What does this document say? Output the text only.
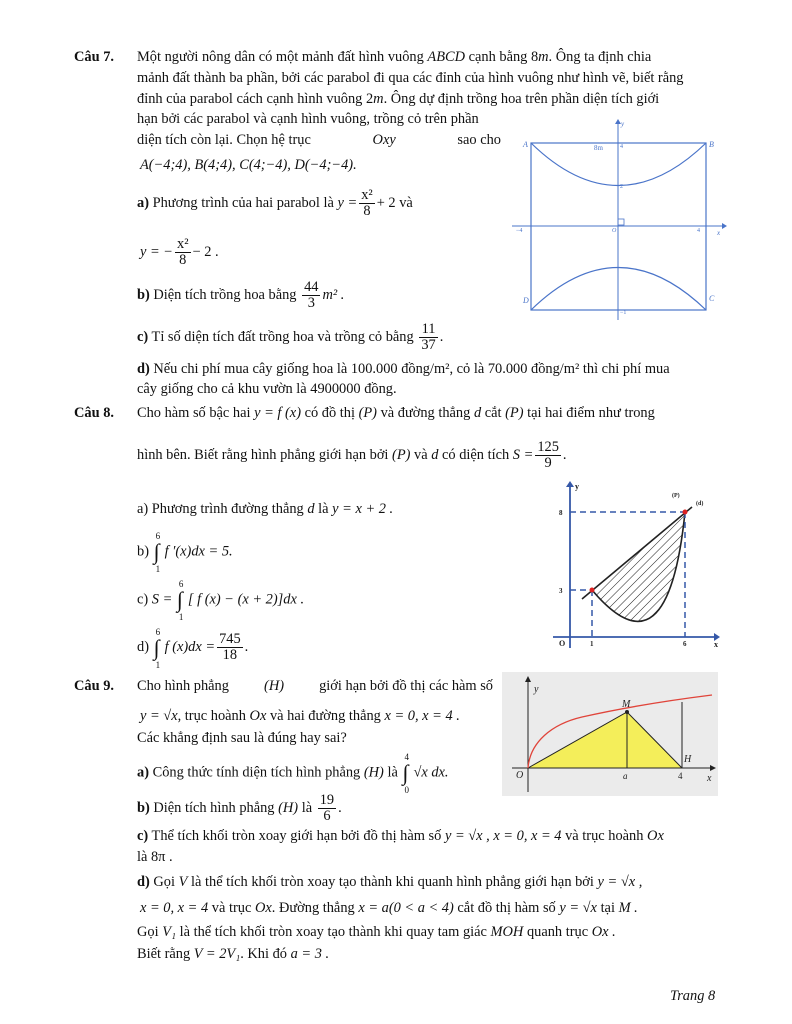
Câu 7. Một người nông dân có một mảnh đất hình vuông ABCD cạnh bằng 8m. Ông ta định chia
mảnh đất thành ba phần, bởi các parabol đi qua các đỉnh của hình vuông như hình vẽ, biết rằng
đỉnh của parabol cách cạnh hình vuông 2m. Ông dự định trồng hoa trên phần diện tích giới
hạn bởi các parabol và cạnh hình vuông, trồng cỏ trên phần
diện tích còn lại. Chọn hệ trục	Oxy	sao cho
A(−4;4), B(4;4), C(4;−4), D(−4;−4).
a) Phương trình của hai parabol là $y = \frac{\text{x²}}{8} + 2$ và
y = − $\frac{\text{x²}}{8} - 2$ .
b) Diện tích trồng hoa bằng $\frac{44}{3} m^2$ .
c) Tỉ số diện tích đất trồng hoa và trồng cỏ bằng $\frac{11}{37}$ .
d) Nếu chi phí mua cây giống hoa là 100.000 đồng/m², cỏ là 70.000 đồng/m² thì chi phí mua
cây giống cho cả khu vườn là 4900000 đồng.
A	B
C
D
8m
y
x
4
2
−4	O	4
−1
Câu 8. Cho hàm số bậc hai y = f (x) có đồ thị (P) và đường thẳng d cắt (P) tại hai điểm như trong
hình bên. Biết rằng hình phẳng giới hạn bởi (P) và d có diện tích $S = \frac{125}{9}$ .
a) Phương trình đường thẳng d là y = x + 2 .
b)
6
∫
1
f ′(x)dx = 5.
c) S =
6
∫
1
[ f (x) − (x + 2)]dx .
d)
6
∫
1
f $(x)dx = \frac{745}{18}$ .
y
x
O	1	6
8
3
(P)
(d)
Câu 9. Cho hình phẳng (H) giới hạn bởi đồ thị các hàm số
y = √x, trục hoành Ox và hai đường thẳng x = 0, x = 4 .
Các khẳng định sau là đúng hay sai?
a) Công thức tính diện tích hình phẳng (H) là
4
∫
0
√x dx.
b) Diện tích hình phẳng (H) là $\frac{19}{6}$ .
c) Thể tích khối tròn xoay giới hạn bởi đồ thị hàm số y = √x , x = 0, x = 4 và trục hoành Ox
là 8π .
d) Gọi V là thể tích khối tròn xoay tạo thành khi quanh hình phẳng giới hạn bởi y = √x ,
x = 0, x = 4 và trục Ox. Đường thẳng x = a(0 < a < 4) cắt đồ thị hàm số y = √x tại M .
Gọi V₁ là thể tích khối tròn xoay tạo thành khi quay tam giác MOH quanh trục Ox .
Biết rằng V = 2V₁. Khi đó a = 3 .
y
x
O	a	4
M
H
Trang 8
